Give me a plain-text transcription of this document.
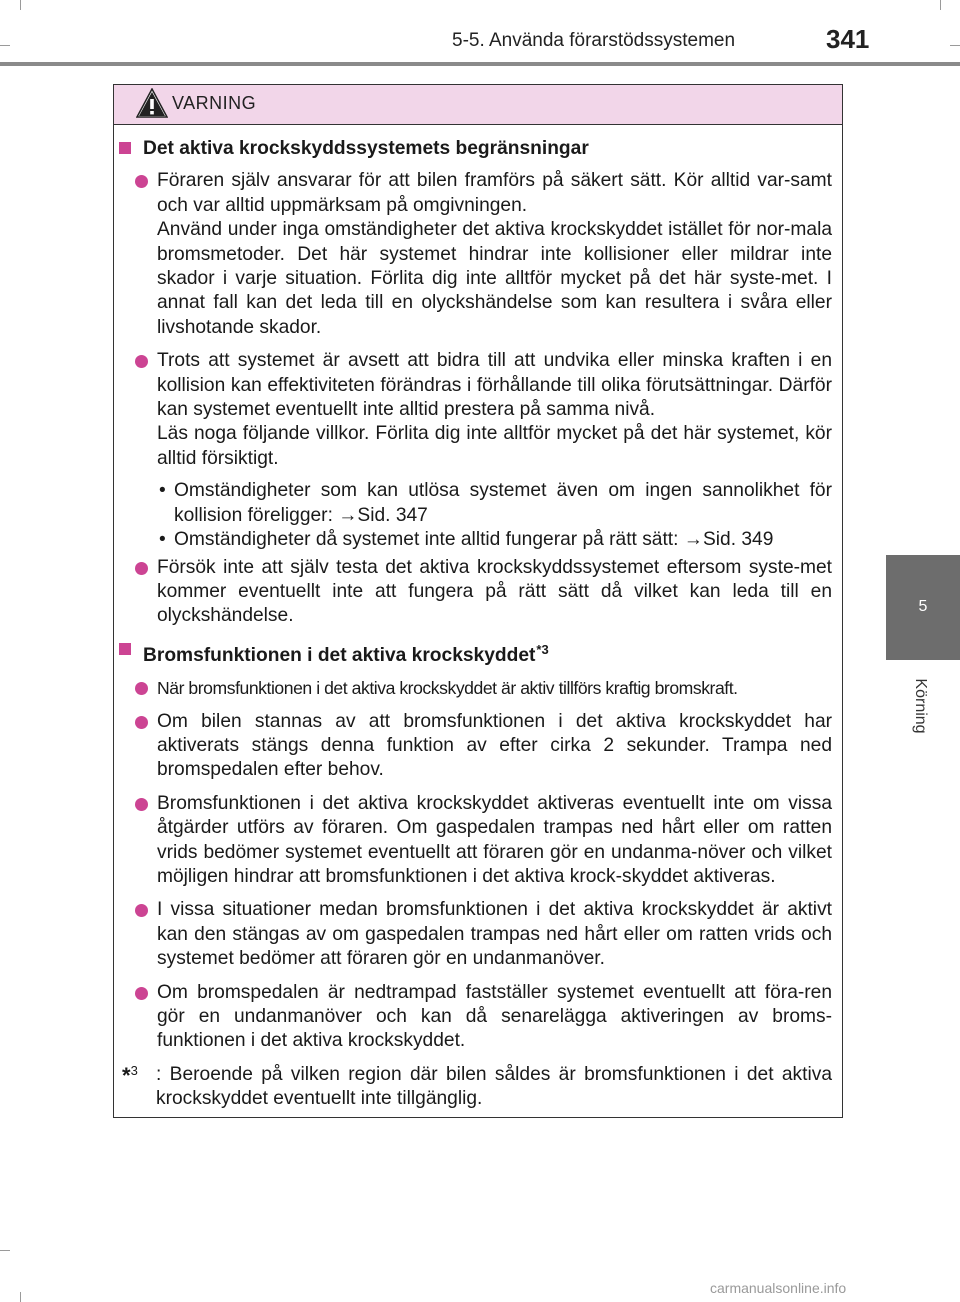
5-5. Använda förarstödssystemen	341
5
Körning
VARNING
Det aktiva krockskyddssystemets begränsningar
Föraren själv ansvarar för att bilen framförs på säkert sätt. Kör alltid var-samt och var alltid uppmärksam på omgivningen.
Använd under inga omständigheter det aktiva krockskyddet istället för nor-mala bromsmetoder. Det här systemet hindrar inte kollisioner eller mildrar inte skador i varje situation. Förlita dig inte alltför mycket på det här syste-met. I annat fall kan det leda till en olyckshändelse som kan resultera i svåra eller livshotande skador.
Trots att systemet är avsett att bidra till att undvika eller minska kraften i en kollision kan effektiviteten förändras i förhållande till olika förutsättningar. Därför kan systemet eventuellt inte alltid prestera på samma nivå.
Läs noga följande villkor. Förlita dig inte alltför mycket på det här systemet, kör alltid försiktigt.
• Omständigheter som kan utlösa systemet även om ingen sannolikhet för kollision föreligger: →Sid. 347
• Omständigheter då systemet inte alltid fungerar på rätt sätt: →Sid. 349
Försök inte att själv testa det aktiva krockskyddssystemet eftersom syste-met kommer eventuellt inte att fungera på rätt sätt då vilket kan leda till en olyckshändelse.
Bromsfunktionen i det aktiva krockskyddet$^{*3}$
När bromsfunktionen i det aktiva krockskyddet är aktiv tillförs kraftig bromskraft.
Om bilen stannas av att bromsfunktionen i det aktiva krockskyddet har aktiverats stängs denna funktion av efter cirka 2 sekunder. Trampa ned bromspedalen efter behov.
Bromsfunktionen i det aktiva krockskyddet aktiveras eventuellt inte om vissa åtgärder utförs av föraren. Om gaspedalen trampas ned hårt eller om ratten vrids bedömer systemet eventuellt att föraren gör en undanma-növer och vilket möjligen hindrar att bromsfunktionen i det aktiva krock-skyddet aktiveras.
I vissa situationer medan bromsfunktionen i det aktiva krockskyddet är aktivt kan den stängas av om gaspedalen trampas ned hårt eller om ratten vrids och systemet bedömer att föraren gör en undanmanöver.
Om bromspedalen är nedtrampad fastställer systemet eventuellt att föra-ren gör en undanmanöver och kan då senarelägga aktiveringen av broms-funktionen i det aktiva krockskyddet.
*$^3$ : Beroende på vilken region där bilen såldes är bromsfunktionen i det aktiva krockskyddet eventuellt inte tillgänglig.
carmanualsonline.info
